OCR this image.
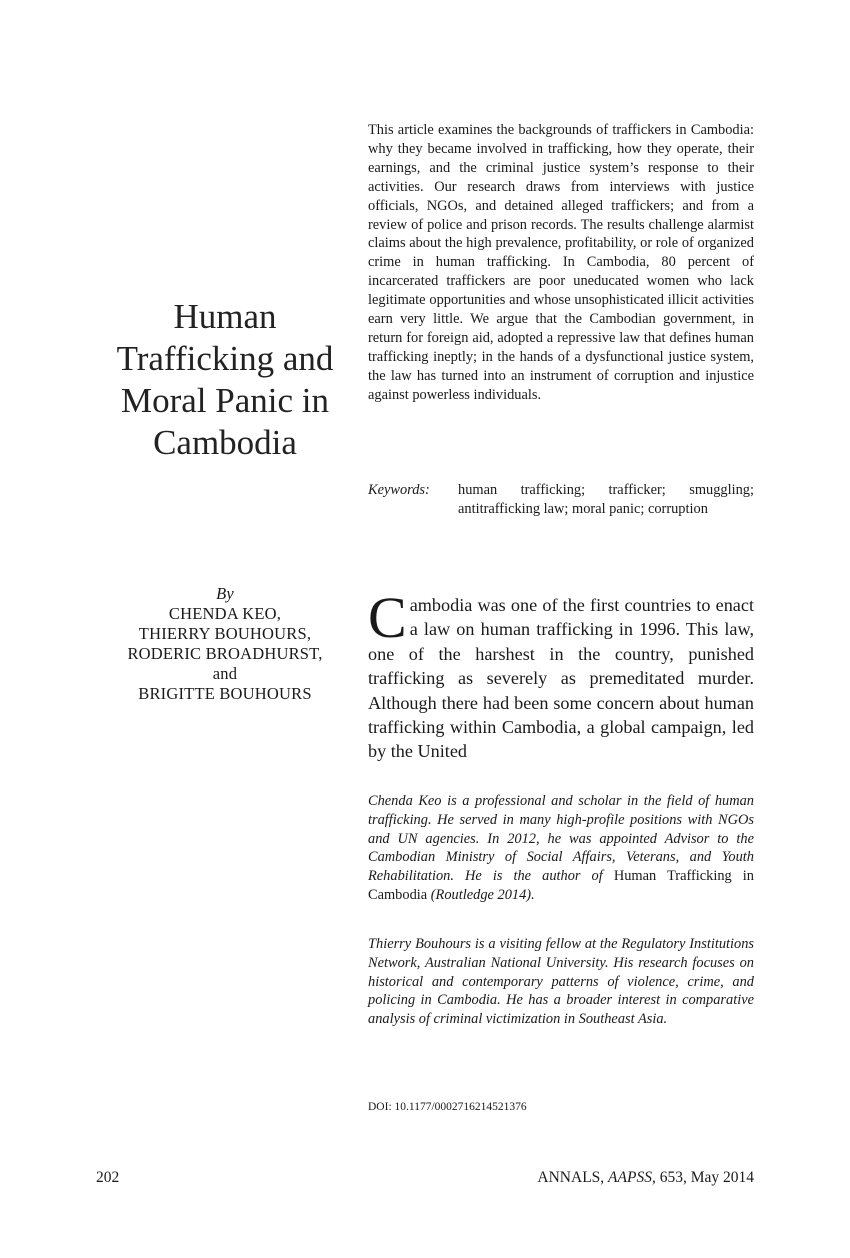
Human
Trafficking and
Moral Panic in
Cambodia
By
CHENDA KEO,
THIERRY BOUHOURS,
RODERIC BROADHURST,
and
BRIGITTE BOUHOURS

This article examines the backgrounds of traffickers in Cambodia: why they became involved in trafficking, how they operate, their earnings, and the criminal justice system’s response to their activities. Our research draws from interviews with justice officials, NGOs, and detained alleged traffickers; and from a review of police and prison records. The results challenge alarmist claims about the high prevalence, profitability, or role of organized crime in human trafficking. In Cambodia, 80 percent of incarcerated traffickers are poor uneducated women who lack legitimate opportunities and whose unsophisticated illicit activities earn very little. We argue that the Cambodian government, in return for foreign aid, adopted a repressive law that defines human trafficking ineptly; in the hands of a dysfunctional justice system, the law has turned into an instrument of corruption and injustice against powerless individuals.

Keywords:	human trafficking; trafficker; smuggling; antitrafficking law; moral panic; corruption

Cambodia was one of the first countries to enact a law on human trafficking in 1996. This law, one of the harshest in the country, punished trafficking as severely as premeditated murder. Although there had been some concern about human trafficking within Cambodia, a global campaign, led by the United

Chenda Keo is a professional and scholar in the field of human trafficking. He served in many high-profile positions with NGOs and UN agencies. In 2012, he was appointed Advisor to the Cambodian Ministry of Social Affairs, Veterans, and Youth Rehabilitation. He is the author of Human Trafficking in Cambodia (Routledge 2014).

Thierry Bouhours is a visiting fellow at the Regulatory Institutions Network, Australian National University. His research focuses on historical and contemporary patterns of violence, crime, and policing in Cambodia. He has a broader interest in comparative analysis of criminal victimization in Southeast Asia.

DOI: 10.1177/0002716214521376
202	ANNALS, AAPSS, 653, May 2014
